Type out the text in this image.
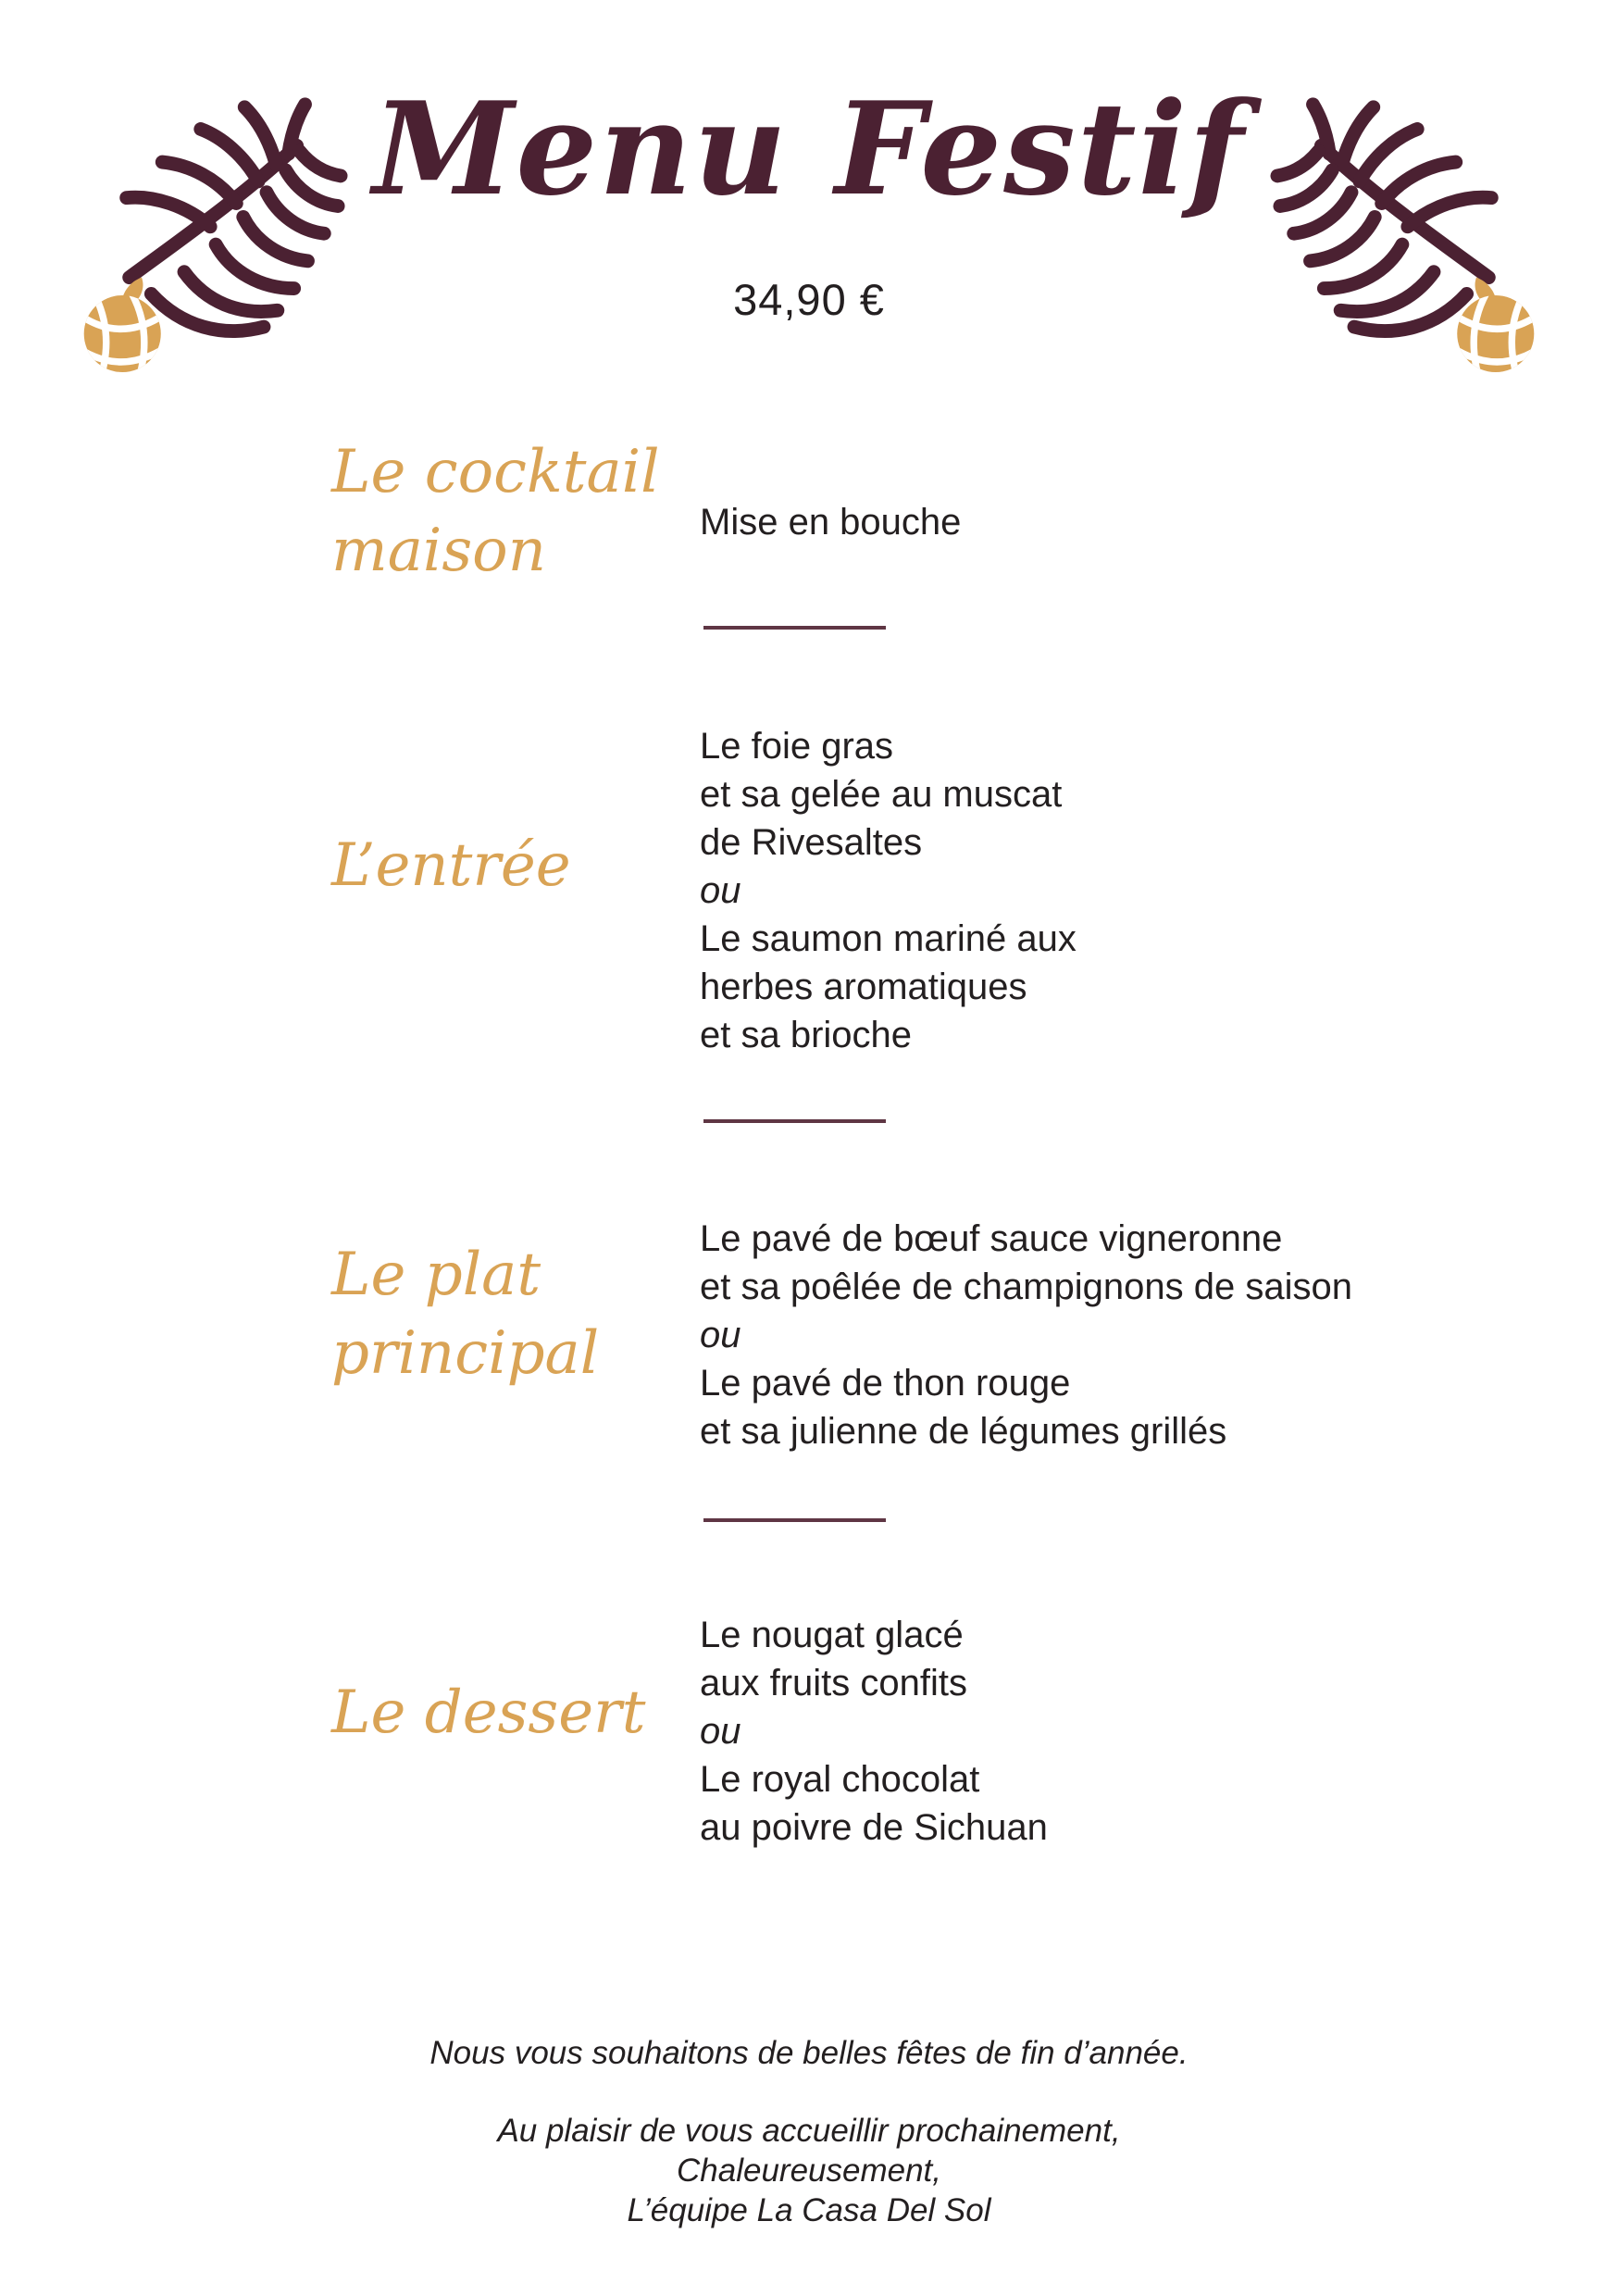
Menu Festif
34,90 €
Le cocktail
maison	Mise en bouche
L’entrée
Le foie gras
et sa gelée au muscat
de Rivesaltes
ou
Le saumon mariné aux
herbes aromatiques
et sa brioche
Le plat
principal
Le pavé de bœuf sauce vigneronne
et sa poêlée de champignons de saison
ou
Le pavé de thon rouge
et sa julienne de légumes grillés
Le dessert
Le nougat glacé
aux fruits confits
ou
Le royal chocolat
au poivre de Sichuan
Nous vous souhaitons de belles fêtes de fin d’année.
Au plaisir de vous accueillir prochainement,
Chaleureusement,
L’équipe La Casa Del Sol
